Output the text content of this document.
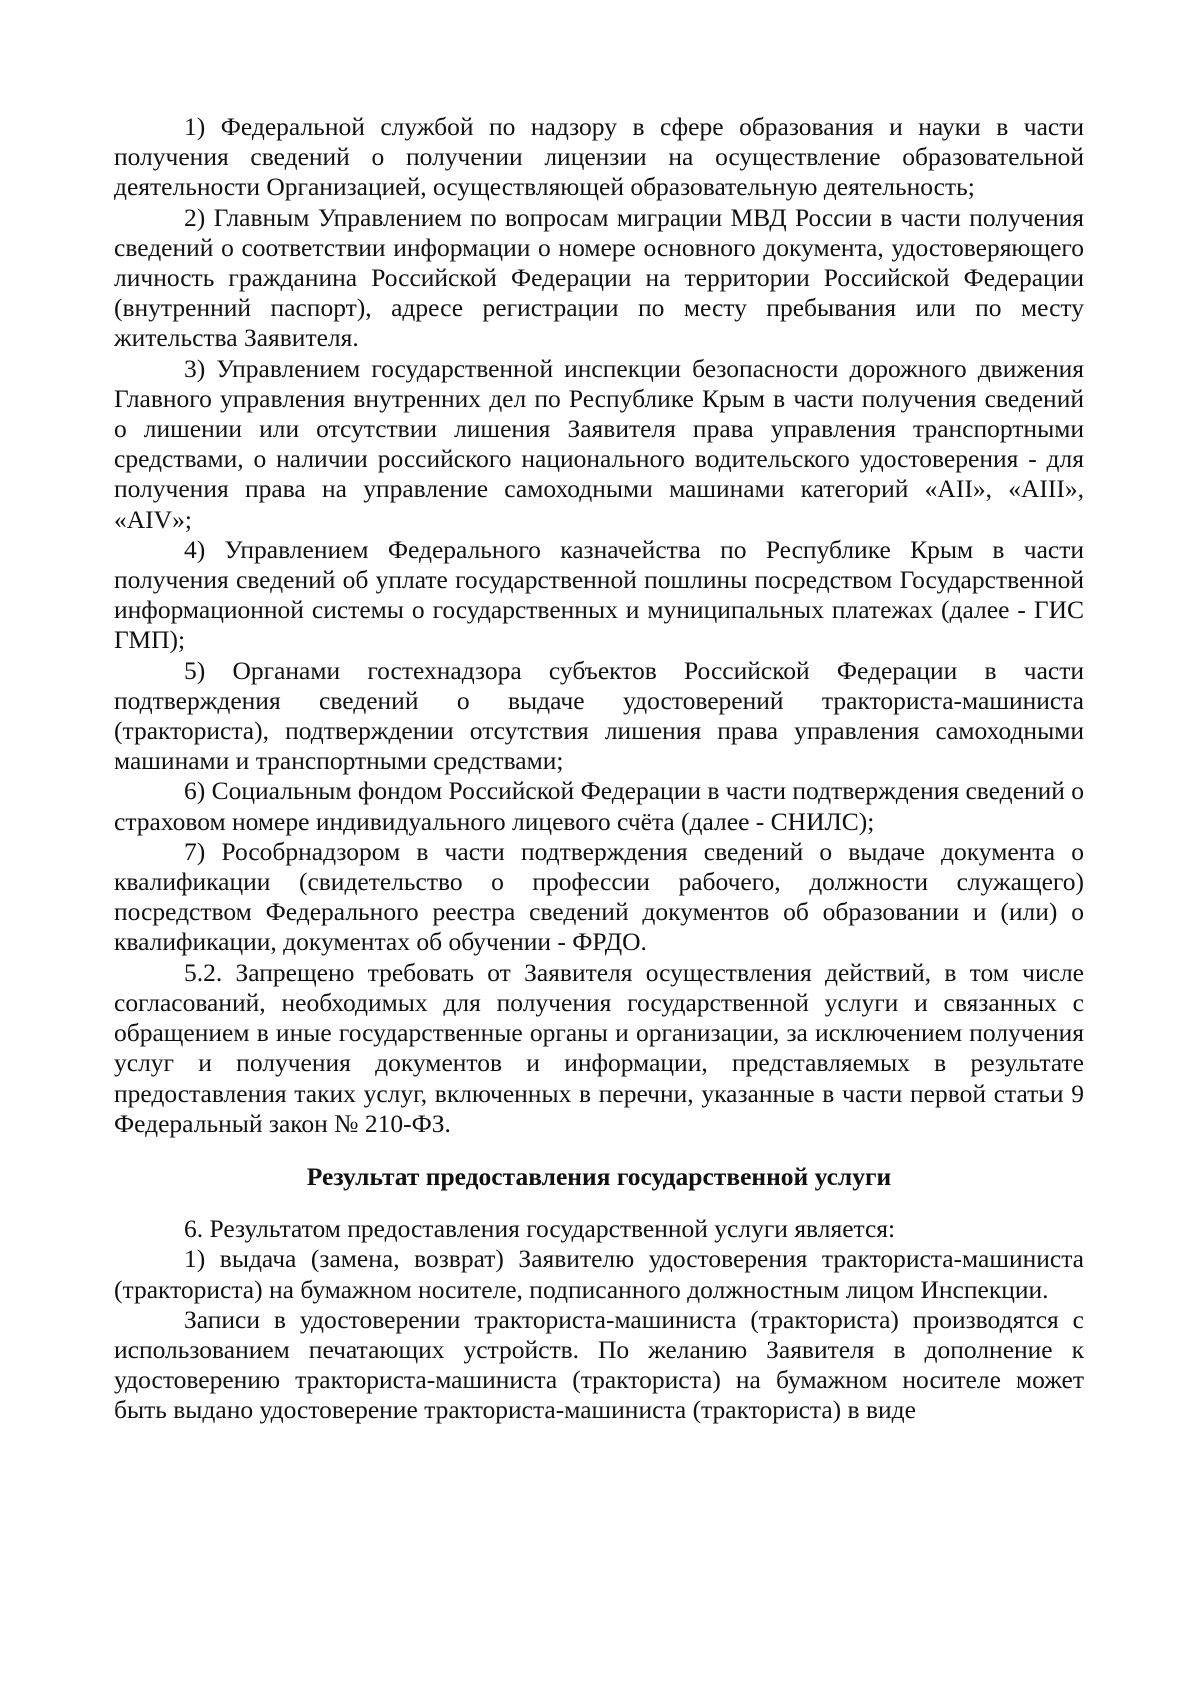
1) Федеральной службой по надзору в сфере образования и науки в части получения сведений о получении лицензии на осуществление образовательной деятельности Организацией, осуществляющей образовательную деятельность;

2) Главным Управлением по вопросам миграции МВД России в части получения сведений о соответствии информации о номере основного документа, удостоверяющего личность гражданина Российской Федерации на территории Российской Федерации (внутренний паспорт), адресе регистрации по месту пребывания или по месту жительства Заявителя.

3) Управлением государственной инспекции безопасности дорожного движения Главного управления внутренних дел по Республике Крым в части получения сведений о лишении или отсутствии лишения Заявителя права управления транспортными средствами, о наличии российского национального водительского удостоверения - для получения права на управление самоходными машинами категорий «AII», «AIII», «AIV»;

4) Управлением Федерального казначейства по Республике Крым в части получения сведений об уплате государственной пошлины посредством Государственной информационной системы о государственных и муниципальных платежах (далее - ГИС ГМП);

5) Органами гостехнадзора субъектов Российской Федерации в части подтверждения сведений о выдаче удостоверений тракториста-машиниста (тракториста), подтверждении отсутствия лишения права управления самоходными машинами и транспортными средствами;

6) Социальным фондом Российской Федерации в части подтверждения сведений о страховом номере индивидуального лицевого счёта (далее - СНИЛС);

7) Рособрнадзором в части подтверждения сведений о выдаче документа о квалификации (свидетельство о профессии рабочего, должности служащего) посредством Федерального реестра сведений документов об образовании и (или) о квалификации, документах об обучении - ФРДО.

5.2. Запрещено требовать от Заявителя осуществления действий, в том числе согласований, необходимых для получения государственной услуги и связанных с обращением в иные государственные органы и организации, за исключением получения услуг и получения документов и информации, представляемых в результате предоставления таких услуг, включенных в перечни, указанные в части первой статьи 9 Федеральный закон № 210-ФЗ.

Результат предоставления государственной услуги

6. Результатом предоставления государственной услуги является:

1) выдача (замена, возврат) Заявителю удостоверения тракториста-машиниста (тракториста) на бумажном носителе, подписанного должностным лицом Инспекции.

Записи в удостоверении тракториста-машиниста (тракториста) производятся с использованием печатающих устройств. По желанию Заявителя в дополнение к удостоверению тракториста-машиниста (тракториста) на бумажном носителе может быть выдано удостоверение тракториста-машиниста (тракториста) в виде
